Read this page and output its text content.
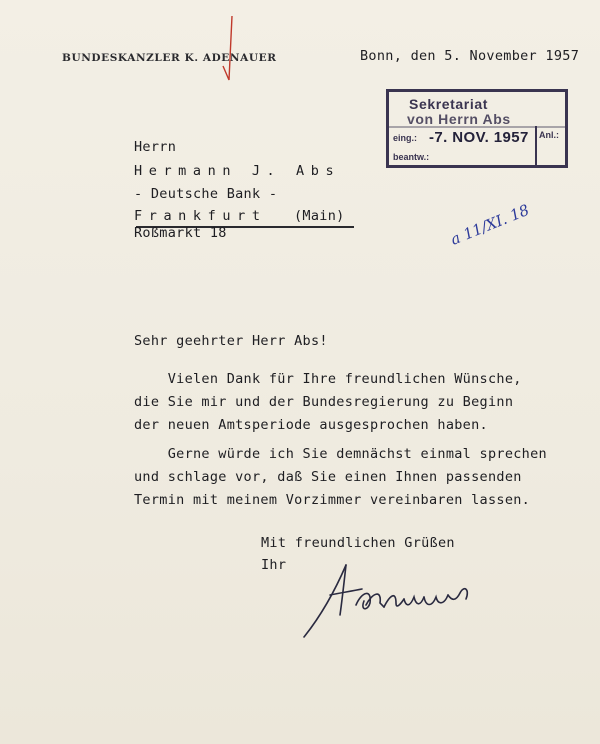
BUNDESKANZLER K. ADENAUER	Bonn, den 5. November 1957
Sekretariat
von Herrn Abs
eing.: -7. NOV. 1957 Anl.:
beantw.:
a 11/XI. 18
Herrn
Hermann J. Abs
- Deutsche Bank -
Frankfurt (Main)
Roßmarkt 18
Sehr geehrter Herr Abs!
Vielen Dank für Ihre freundlichen Wünsche,
die Sie mir und der Bundesregierung zu Beginn
der neuen Amtsperiode ausgesprochen haben.
Gerne würde ich Sie demnächst einmal sprechen
und schlage vor, daß Sie einen Ihnen passenden
Termin mit meinem Vorzimmer vereinbaren lassen.
Mit freundlichen Grüßen
Ihr
